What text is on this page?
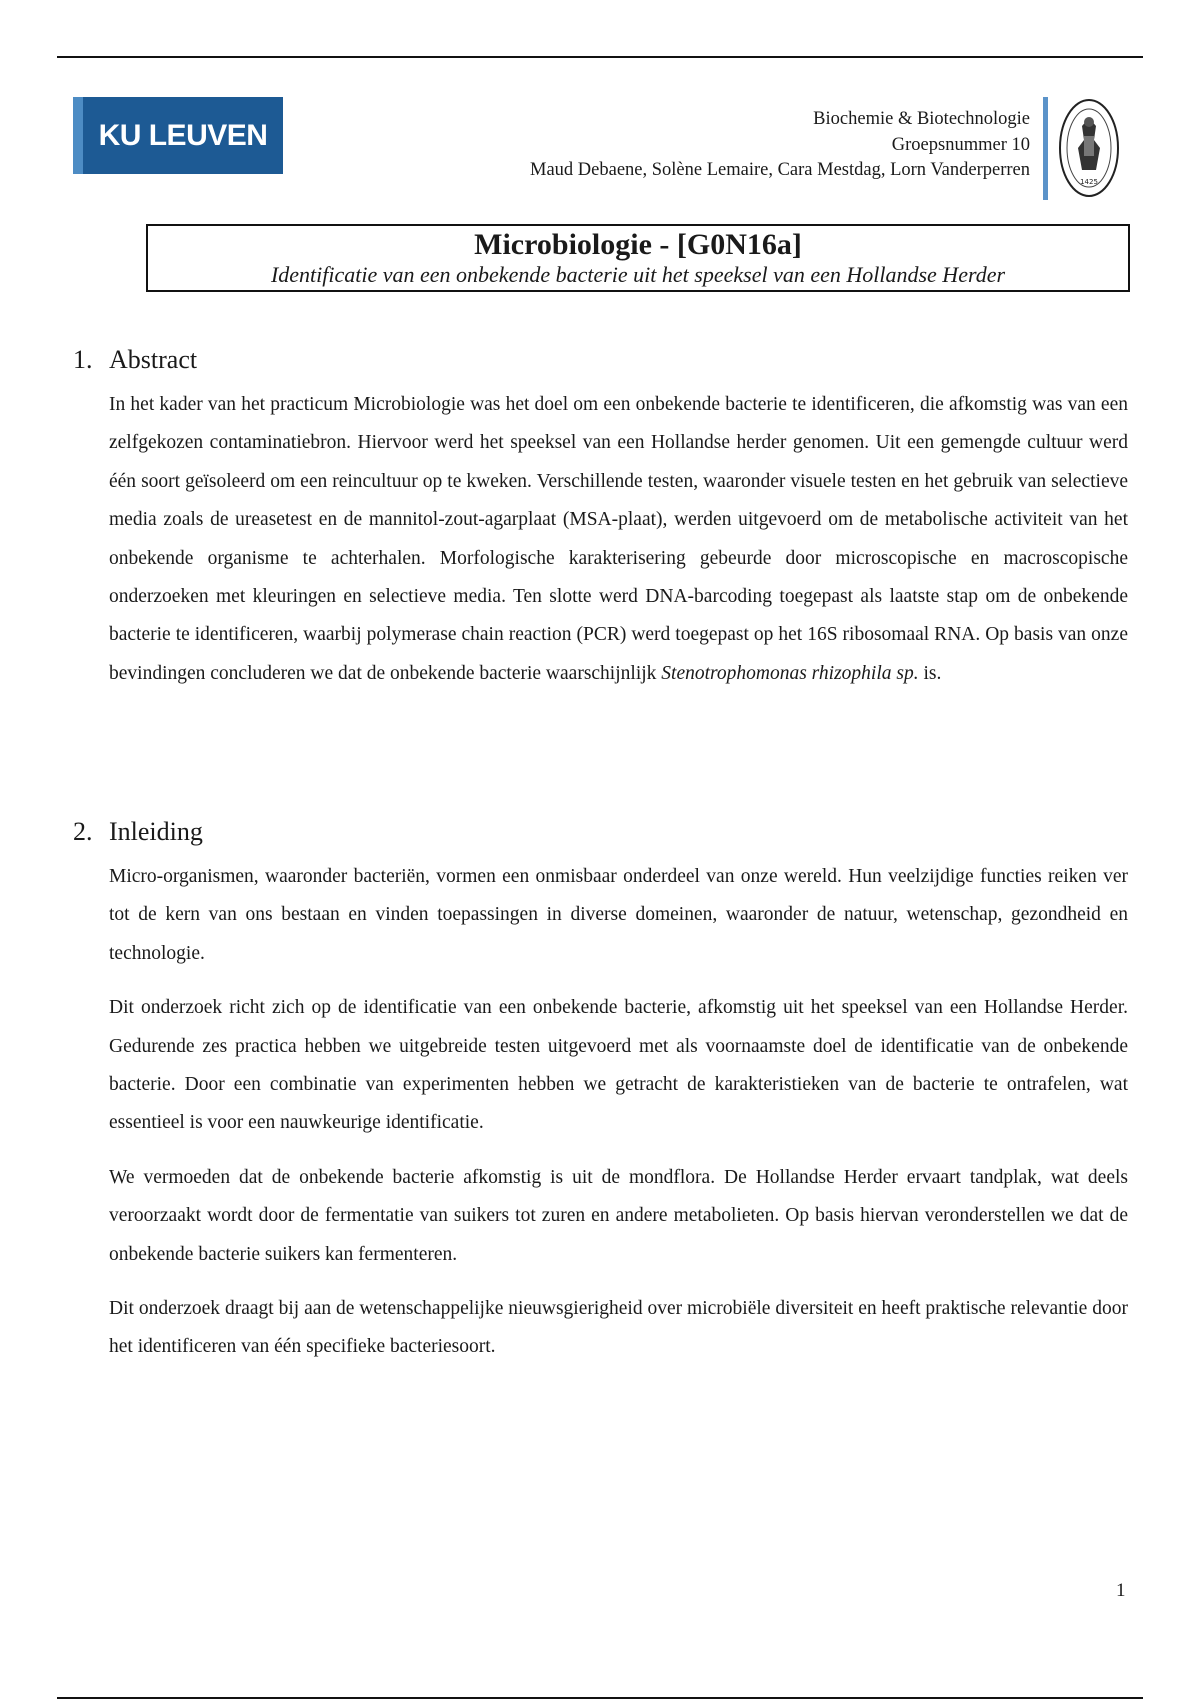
KU LEUVEN	Biochemie & Biotechnologie
Groepsnummer 10
Maud Debaene, Solène Lemaire, Cara Mestdag, Lorn Vanderperren
1425
Microbiologie - [G0N16a]
Identificatie van een onbekende bacterie uit het speeksel van een Hollandse Herder
1. Abstract

In het kader van het practicum Microbiologie was het doel om een onbekende bacterie te identificeren, die afkomstig was van een zelfgekozen contaminatiebron. Hiervoor werd het speeksel van een Hollandse herder genomen. Uit een gemengde cultuur werd één soort geïsoleerd om een reincultuur op te kweken. Verschillende testen, waaronder visuele testen en het gebruik van selectieve media zoals de ureasetest en de mannitol-zout-agarplaat (MSA-plaat), werden uitgevoerd om de metabolische activiteit van het onbekende organisme te achterhalen. Morfologische karakterisering gebeurde door microscopische en macroscopische onderzoeken met kleuringen en selectieve media. Ten slotte werd DNA-barcoding toegepast als laatste stap om de onbekende bacterie te identificeren, waarbij polymerase chain reaction (PCR) werd toegepast op het 16S ribosomaal RNA. Op basis van onze bevindingen concluderen we dat de onbekende bacterie waarschijnlijk Stenotrophomonas rhizophila sp. is.

2. Inleiding

Micro-organismen, waaronder bacteriën, vormen een onmisbaar onderdeel van onze wereld. Hun veelzijdige functies reiken ver tot de kern van ons bestaan en vinden toepassingen in diverse domeinen, waaronder de natuur, wetenschap, gezondheid en technologie.

Dit onderzoek richt zich op de identificatie van een onbekende bacterie, afkomstig uit het speeksel van een Hollandse Herder. Gedurende zes practica hebben we uitgebreide testen uitgevoerd met als voornaamste doel de identificatie van de onbekende bacterie. Door een combinatie van experimenten hebben we getracht de karakteristieken van de bacterie te ontrafelen, wat essentieel is voor een nauwkeurige identificatie.

We vermoeden dat de onbekende bacterie afkomstig is uit de mondflora. De Hollandse Herder ervaart tandplak, wat deels veroorzaakt wordt door de fermentatie van suikers tot zuren en andere metabolieten. Op basis hiervan veronderstellen we dat de onbekende bacterie suikers kan fermenteren.

Dit onderzoek draagt bij aan de wetenschappelijke nieuwsgierigheid over microbiële diversiteit en heeft praktische relevantie door het identificeren van één specifieke bacteriesoort.

1
